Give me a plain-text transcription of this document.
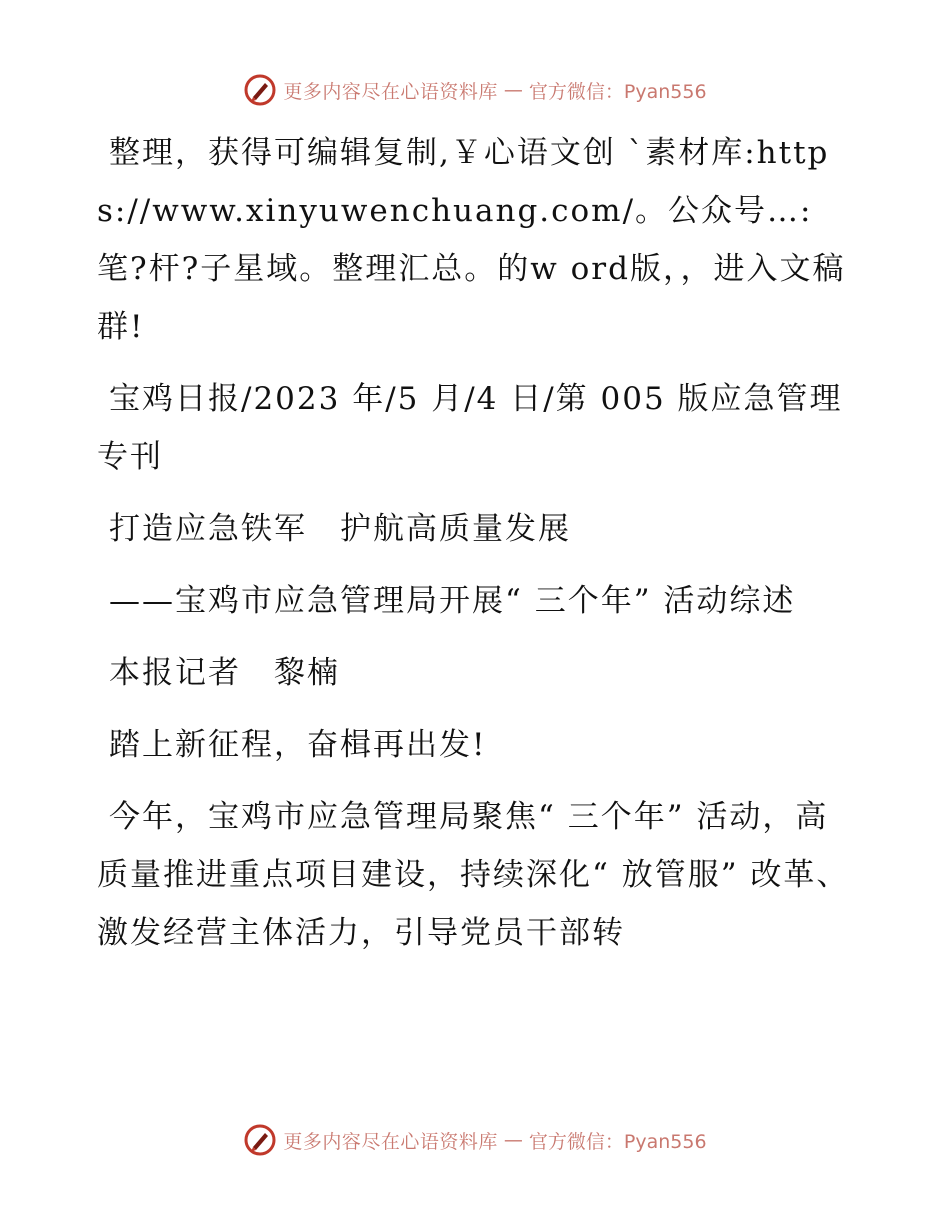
更多内容尽在心语资料库 — 官方微信：Pyan556

整理，获得可编辑复制,￥心语文创 `素材库:https://www.xinyuwenchuang.com/。公众号…:笔?杆?子星域。整理汇总。的w ord版，，进入文稿群!

宝鸡日报/2023 年/5 月/4 日/第 005 版应急管理专刊

打造应急铁军　护航高质量发展

——宝鸡市应急管理局开展“ 三个年” 活动综述

本报记者　黎楠

踏上新征程，奋楫再出发!

今年，宝鸡市应急管理局聚焦“ 三个年” 活动，高质量推进重点项目建设，持续深化“ 放管服” 改革、激发经营主体活力，引导党员干部转

更多内容尽在心语资料库 — 官方微信：Pyan556
